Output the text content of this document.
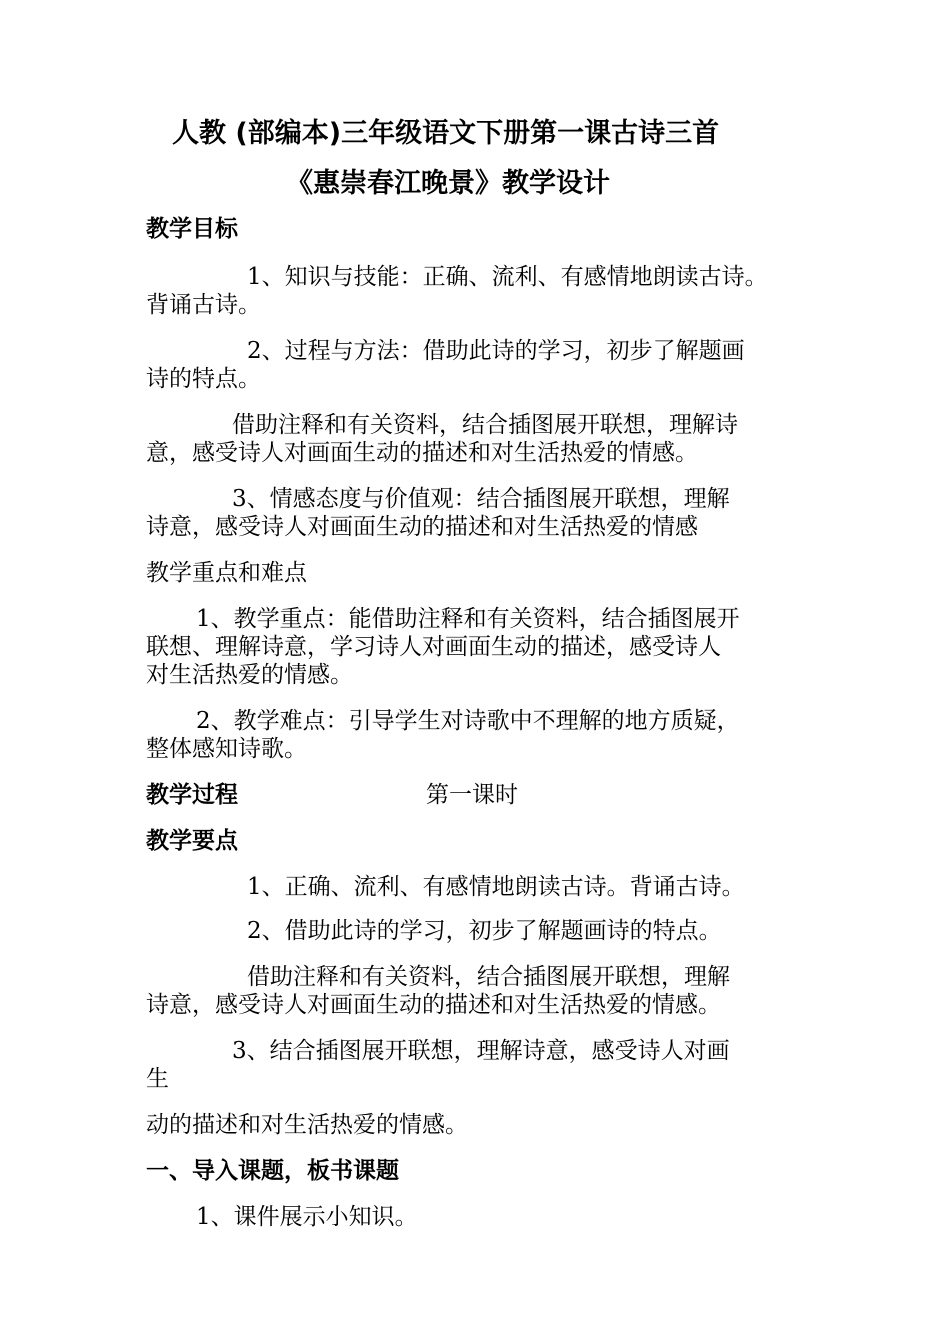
人教 (部编本)三年级语文下册第一课古诗三首
《惠崇春江晚景》教学设计
教学目标
1、知识与技能：正确、流利、有感情地朗读古诗。
背诵古诗。
2、过程与方法：借助此诗的学习，初步了解题画
诗的特点。
借助注释和有关资料，结合插图展开联想，理解诗
意，感受诗人对画面生动的描述和对生活热爱的情感。
3、情感态度与价值观：结合插图展开联想，理解
诗意，感受诗人对画面生动的描述和对生活热爱的情感
教学重点和难点
1、教学重点：能借助注释和有关资料，结合插图展开
联想、理解诗意，学习诗人对画面生动的描述，感受诗人
对生活热爱的情感。
2、教学难点：引导学生对诗歌中不理解的地方质疑，
整体感知诗歌。
教学过程	第一课时
教学要点
1、正确、流利、有感情地朗读古诗。背诵古诗。
2、借助此诗的学习，初步了解题画诗的特点。
借助注释和有关资料，结合插图展开联想，理解
诗意，感受诗人对画面生动的描述和对生活热爱的情感。
3、结合插图展开联想，理解诗意，感受诗人对画
生
动的描述和对生活热爱的情感。
一、导入课题，板书课题
1、课件展示小知识。
